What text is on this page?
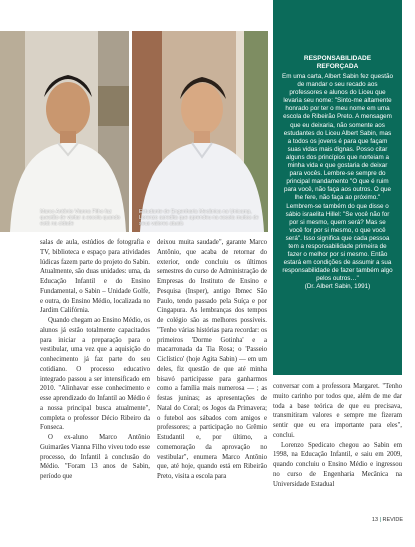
Marco Antônio Vianna Filho faz questão de visitar a escola quando está na cidade
Estudante de Engenharia Mecânica na Unicamp, Lorenzo acredita que aprendeu na escola muitos de seus valores atuais
RESPONSABILIDADE
REFORÇADA
Em uma carta, Albert Sabin fez questão de mandar o seu recado aos professores e alunos do Liceu que levaria seu nome: "Sinto-me altamente honrado por ter o meu nome em uma escola de Ribeirão Preto. A mensagem que eu deixaria, não somente aos estudantes do Liceu Albert Sabin, mas a todos os jovens é para que façam suas vidas mais dignas. Posso citar alguns dos princípios que norteiam a minha vida e que gostaria de deixar para vocês. Lembre-se sempre do principal mandamento "O que é ruim para você, não faça aos outros. O que lhe fere, não faça ao próximo." Lembrem-se também do que disse o sábio israelita Hillel: "Se você não for por si mesmo, quem será? Mas se você for por si mesmo, o que você será". Isso significa que cada pessoa tem a responsabilidade primeira de fazer o melhor por si mesmo. Então estará em condições de assumir a sua responsabilidade de fazer também algo pelos outros…"
(Dr. Albert Sabin, 1991)

salas de aula, estúdios de fotografia e TV, biblioteca e espaço para atividades lúdicas fazem parte do projeto do Sabin. Atualmente, são duas unidades: uma, da Educação Infantil e do Ensino Fundamental, o Sabin – Unidade Golfe, e outra, do Ensino Médio, localizada no Jardim Califórnia.

Quando chegam ao Ensino Médio, os alunos já estão totalmente capacitados para iniciar a preparação para o vestibular, uma vez que a aquisição do conhecimento já faz parte do seu cotidiano. O processo educativo integrado passou a ser intensificado em 2010. "Alinhavar esse conhecimento e esse aprendizado do Infantil ao Médio é a nossa principal busca atualmente", completa o professor Décio Ribeiro da Fonseca.

O ex-aluno Marco Antônio Guimarães Vianna Filho viveu todo esse processo, do Infantil à conclusão do Médio. "Foram 13 anos de Sabin, período que

deixou muita saudade", garante Marco Antônio, que acaba de retornar do exterior, onde concluiu os últimos semestres do curso de Administração de Empresas do Instituto de Ensino e Pesquisa (Insper), antigo Ibmec São Paulo, tendo passado pela Suíça e por Cingapura. As lembranças dos tempos de colégio são as melhores possíveis. "Tenho várias histórias para recordar: os primeiros 'Dorme Gotinha' e a macarronada da Tia Rosa; o 'Passeio Ciclístico' (hoje Agita Sabin) — em um deles, fiz questão de que até minha bisavó participasse para ganharmos como a família mais numerosa — ; as festas juninas; as apresentações de Natal do Coral; os Jogos da Primavera; o futebol aos sábados com amigos e professores; a participação no Grêmio Estudantil e, por último, a comemoração da aprovação no vestibular", enumera Marco Antônio que, até hoje, quando está em Ribeirão Preto, visita a escola para

conversar com a professora Margaret. "Tenho muito carinho por todos que, além de me dar toda a base teórica de que eu precisava, transmitiram valores e sempre me fizeram sentir que eu era importante para eles", conclui.

Lorenzo Spedicato chegou ao Sabin em 1998, na Educação Infantil, e saiu em 2009, quando concluiu o Ensino Médio e ingressou no curso de Engenharia Mecânica na Universidade Estadual

13 | REVIDE
